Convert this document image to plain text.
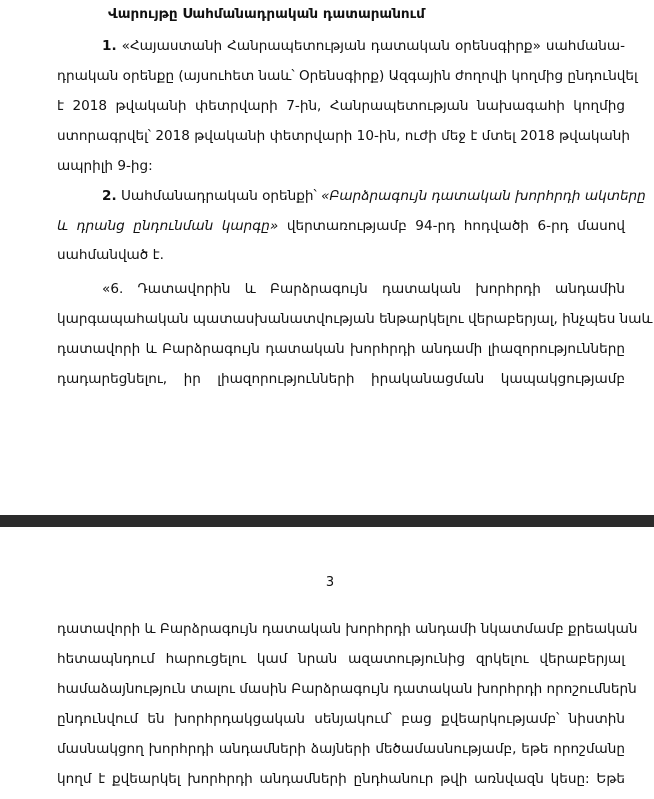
Վարույթը Սահմանադրական դատարանում
1. «Հայաստանի Հանրապետության դատական օրենսգիրք» սահմանա-
դրական օրենքը (այսուհետ նաև՝ Օրենսգիրք) Ազգային ժողովի կողմից ընդունվել
է 2018 թվականի փետրվարի 7-ին, Հանրապետության նախագահի կողմից
ստորագրվել՝ 2018 թվականի փետրվարի 10-ին, ուժի մեջ է մտել 2018 թվականի
ապրիլի 9-ից:
2. Սահմանադրական օրենքի՝ «Բարձրագույն դատական խորհրդի ակտերը
և դրանց ընդունման կարգը» վերտառությամբ 94-րդ հոդվածի 6-րդ մասով
սահմանված է.
«6. Դատավորին և Բարձրագույն դատական խորհրդի անդամին
կարգապահական պատասխանատվության ենթարկելու վերաբերյալ, ինչպես նաև
դատավորի և Բարձրագույն դատական խորհրդի անդամի լիազորությունները
դադարեցնելու, իր լիազորությունների իրականացման կապակցությամբ
3
դատավորի և Բարձրագույն դատական խորհրդի անդամի նկատմամբ քրեական
հետապնդում հարուցելու կամ նրան ազատությունից զրկելու վերաբերյալ
համաձայնություն տալու մասին Բարձրագույն դատական խորհրդի որոշումներն
ընդունվում են խորհրդակցական սենյակում՝ բաց քվեարկությամբ՝ նիստին
մասնակցող խորհրդի անդամների ձայների մեծամասնությամբ, եթե որոշմանը
կողմ է քվեարկել խորհրդի անդամների ընդհանուր թվի առնվազն կեսը: Եթե
